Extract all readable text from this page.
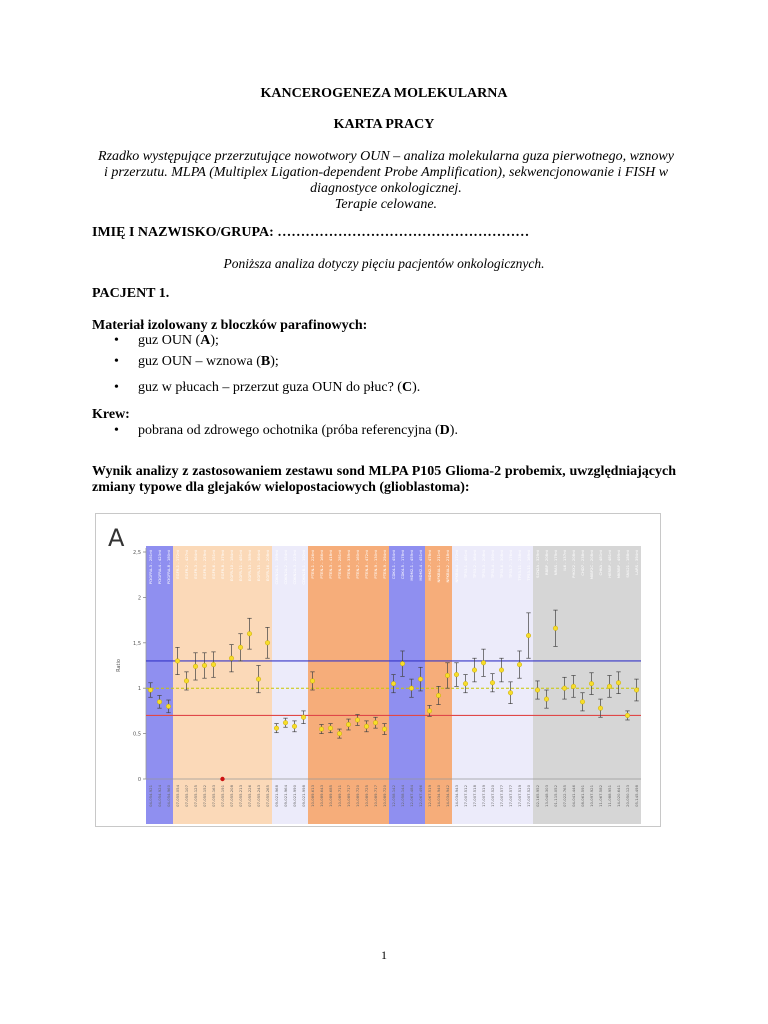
KANCEROGENEZA MOLEKULARNA
KARTA PRACY
Rzadko występujące przerzutujące nowotwory OUN – analiza molekularna guza pierwotnego, wznowy
i przerzutu. MLPA (Multiplex Ligation-dependent Probe Amplification), sekwencjonowanie i FISH w
diagnostyce onkologicznej.
Terapie celowane.
IMIĘ I NAZWISKO/GRUPA: ………………………………………………
Poniższa analiza dotyczy pięciu pacjentów onkologicznych.
PACJENT 1.
Materiał izolowany z bloczków parafinowych:
• guz OUN (A);
• guz OUN – wznowa (B);
• guz w płucach – przerzut guza OUN do płuc? (C).
Krew:
• pobrana od zdrowego ochotnika (próba referencyjna (D).
Wynik analizy z zastosowaniem zestawu sond MLPA P105 Glioma-2 probemix, uwzględniających zmiany typowe dla glejaków wielopostaciowych (glioblastoma):
0
0,5
1
1,5
2
2,5
Ratio
A
PDGFRA-3 - 281nt PDGFRA-4 - 423nt PDGFRA-8 - 180nt EGFR-1 - 172nt EGFR-2 - 427nt EGFR-3 - 364nt EGFR-5 - 229nt EGFR-6 - 151nt EGFR-8 - 379nt EGFR-10 - 184nt EGFR-11 - 481nt EGFR-13 - 389nt EGFR-15 - 364nt EGFR-16 - 208nt CDKN2A-1 - 399nt CDKN2A-2 - 154nt CDKN2A-3 - 223nt CDKN2B-1 - 192nt PTEN-1 - 226nt PTEN-2 - 166nt PTEN-3 - 418nt PTEN-5 - 281nt PTEN-6 - 339nt PTEN-7 - 160nt PTEN-8 - 472nt PTEN-9 - 130nt PTEN-9 - 294nt CDK4-1 - 454nt CDK4-5 - 178nt MDM2-1 - 459nt MDM2-4 - 451nt MDM2-7 - 478nt NFKBIA-1 - 211nt NFKBIA-2 - 218nt NFKBIA-4 - 172nt TP53-1 - 481nt TP53-2 - 364nt TP53-3 - 208nt TP53-4 - 390nt TP53-6 - 308nt TP53-7 - 176nt TP53-11 - 238nt TP53-11 - 169nt SCN2A - 329nt RBBP - 208nt NRAS - 179nt IL6 - 137nt PHOX2 - 208nt CHD7 - 238nt MIBP2C - 208nt CHKA - 481nt HERBP - 481nt MKRBP - 499nt SNX21 - 188nt LARS - 394nt
04-054.921 04-054.924 04-054.960 07-055.054 07-055.107 07-055.125 07-055.152 07-055.163 07-055.191 07-055.208 07-055.213 07-055.226 07-055.243 07-055.265 09-021.968 09-021.964 09-021.990 09-021.998 10-089.613 10-089.643 10-089.685 10-089.711 10-089.717 10-089.720 10-089.725 10-089.717 10-089.720 12-058.142 12-058.144 12-067.484 12-067.496 12-067.519 14-034.940 14-034.942 14-034.943 17-007.512 17-007.518 17-007.519 17-007.520 17-007.577 17-007.577 17-007.519 17-007.520 02-165.952 13-048.303 01-115.052 07-022.765 04-041.446 08-061.591 10-097.921 11-067.582 11-088.951 14-020.641 20-050.123 05-145.498
1
